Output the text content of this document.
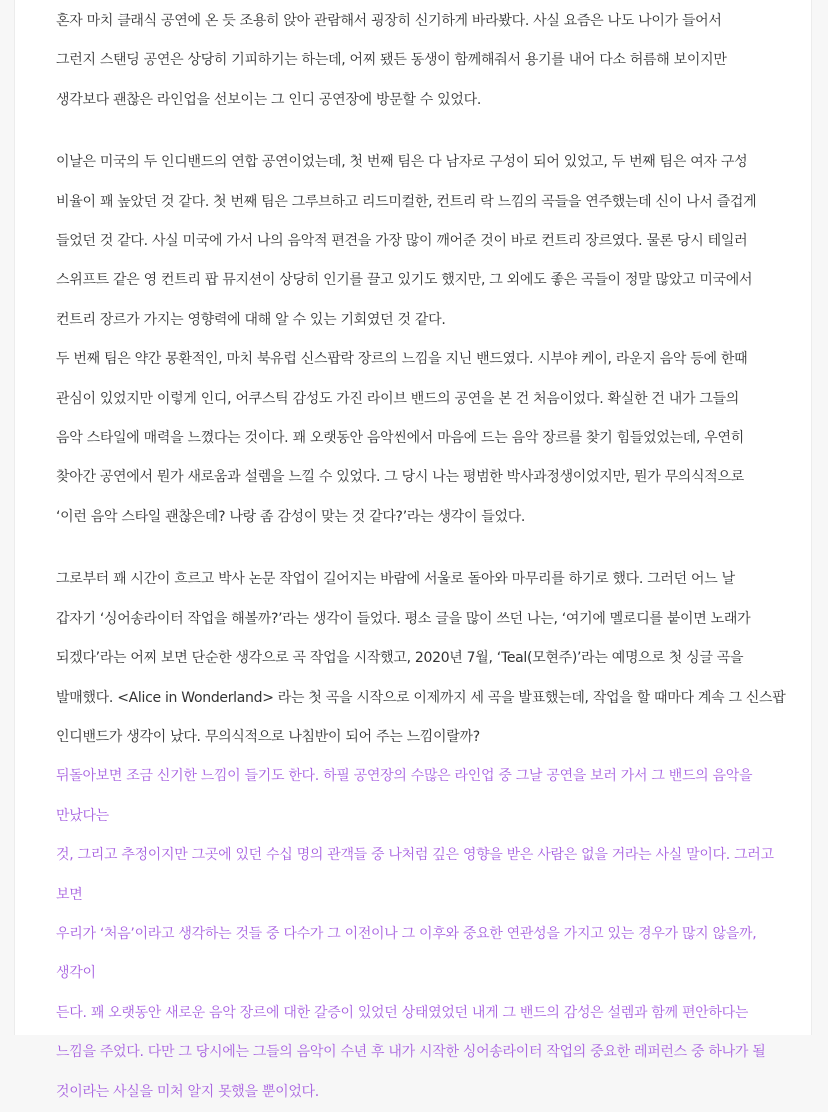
혼자 마치 클래식 공연에 온 듯 조용히 앉아 관람해서 굉장히 신기하게 바라봤다. 사실 요즘은 나도 나이가 들어서
그런지 스탠딩 공연은 상당히 기피하기는 하는데, 어찌 됐든 동생이 함께해줘서 용기를 내어 다소 허름해 보이지만
생각보다 괜찮은 라인업을 선보이는 그 인디 공연장에 방문할 수 있었다.

이날은 미국의 두 인디밴드의 연합 공연이었는데, 첫 번째 팀은 다 남자로 구성이 되어 있었고, 두 번째 팀은 여자 구성
비율이 꽤 높았던 것 같다. 첫 번째 팀은 그루브하고 리드미컬한, 컨트리 락 느낌의 곡들을 연주했는데 신이 나서 즐겁게
들었던 것 같다. 사실 미국에 가서 나의 음악적 편견을 가장 많이 깨어준 것이 바로 컨트리 장르였다. 물론 당시 테일러
스위프트 같은 영 컨트리 팝 뮤지션이 상당히 인기를 끌고 있기도 했지만, 그 외에도 좋은 곡들이 정말 많았고 미국에서
컨트리 장르가 가지는 영향력에 대해 알 수 있는 기회였던 것 같다.

두 번째 팀은 약간 몽환적인, 마치 북유럽 신스팝락 장르의 느낌을 지닌 밴드였다. 시부야 케이, 라운지 음악 등에 한때
관심이 있었지만 이렇게 인디, 어쿠스틱 감성도 가진 라이브 밴드의 공연을 본 건 처음이었다. 확실한 건 내가 그들의
음악 스타일에 매력을 느꼈다는 것이다. 꽤 오랫동안 음악씬에서 마음에 드는 음악 장르를 찾기 힘들었었는데, 우연히
찾아간 공연에서 뭔가 새로움과 설렘을 느낄 수 있었다. 그 당시 나는 평범한 박사과정생이었지만, 뭔가 무의식적으로
‘이런 음악 스타일 괜찮은데? 나랑 좀 감성이 맞는 것 같다?’라는 생각이 들었다.

그로부터 꽤 시간이 흐르고 박사 논문 작업이 길어지는 바람에 서울로 돌아와 마무리를 하기로 했다. 그러던 어느 날
갑자기 ‘싱어송라이터 작업을 해볼까?’라는 생각이 들었다. 평소 글을 많이 쓰던 나는, ‘여기에 멜로디를 붙이면 노래가
되겠다’라는 어찌 보면 단순한 생각으로 곡 작업을 시작했고, 2020년 7월, ‘Teal(모현주)’라는 예명으로 첫 싱글 곡을
발매했다. <Alice in Wonderland> 라는 첫 곡을 시작으로 이제까지 세 곡을 발표했는데, 작업을 할 때마다 계속 그 신스팝
인디밴드가 생각이 났다. 무의식적으로 나침반이 되어 주는 느낌이랄까?

뒤돌아보면 조금 신기한 느낌이 들기도 한다. 하필 공연장의 수많은 라인업 중 그날 공연을 보러 가서 그 밴드의 음악을 만났다는
것, 그리고 추정이지만 그곳에 있던 수십 명의 관객들 중 나처럼 깊은 영향을 받은 사람은 없을 거라는 사실 말이다. 그러고 보면
우리가 ‘처음’이라고 생각하는 것들 중 다수가 그 이전이나 그 이후와 중요한 연관성을 가지고 있는 경우가 많지 않을까, 생각이
든다. 꽤 오랫동안 새로운 음악 장르에 대한 갈증이 있었던 상태였었던 내게 그 밴드의 감성은 설렘과 함께 편안하다는
느낌을 주었다. 다만 그 당시에는 그들의 음악이 수년 후 내가 시작한 싱어송라이터 작업의 중요한 레퍼런스 중 하나가 될
것이라는 사실을 미처 알지 못했을 뿐이었다.
